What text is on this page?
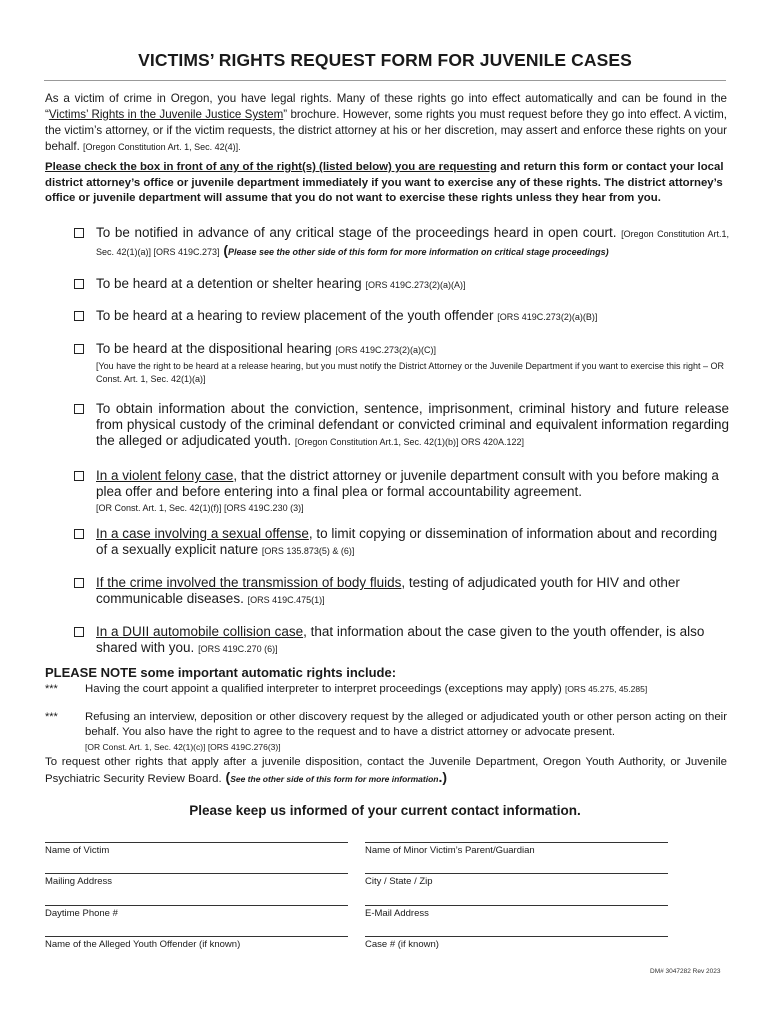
VICTIMS’ RIGHTS REQUEST FORM FOR JUVENILE CASES
As a victim of crime in Oregon, you have legal rights. Many of these rights go into effect automatically and can be found in the “Victims’ Rights in the Juvenile Justice System” brochure. However, some rights you must request before they go into effect. A victim, the victim’s attorney, or if the victim requests, the district attorney at his or her discretion, may assert and enforce these rights on your behalf. [Oregon Constitution Art. 1, Sec. 42(4)].
Please check the box in front of any of the right(s) (listed below) you are requesting and return this form or contact your local district attorney’s office or juvenile department immediately if you want to exercise any of these rights. The district attorney’s office or juvenile department will assume that you do not want to exercise these rights unless they hear from you.
To be notified in advance of any critical stage of the proceedings heard in open court. [Oregon Constitution Art.1, Sec. 42(1)(a)] [ORS 419C.273] (Please see the other side of this form for more information on critical stage proceedings)
To be heard at a detention or shelter hearing [ORS 419C.273(2)(a)(A)]
To be heard at a hearing to review placement of the youth offender [ORS 419C.273(2)(a)(B)]
To be heard at the dispositional hearing [ORS 419C.273(2)(a)(C)]
[You have the right to be heard at a release hearing, but you must notify the District Attorney or the Juvenile Department if you want to exercise this right – OR Const. Art. 1, Sec. 42(1)(a)]
To obtain information about the conviction, sentence, imprisonment, criminal history and future release from physical custody of the criminal defendant or convicted criminal and equivalent information regarding the alleged or adjudicated youth. [Oregon Constitution Art.1, Sec. 42(1)(b)] ORS 420A.122]
In a violent felony case, that the district attorney or juvenile department consult with you before making a plea offer and before entering into a final plea or formal accountability agreement.
[OR Const. Art. 1, Sec. 42(1)(f)] [ORS 419C.230 (3)]
In a case involving a sexual offense, to limit copying or dissemination of information about and recording of a sexually explicit nature [ORS 135.873(5) & (6)]
If the crime involved the transmission of body fluids, testing of adjudicated youth for HIV and other communicable diseases. [ORS 419C.475(1)]
In a DUII automobile collision case, that information about the case given to the youth offender, is also shared with you. [ORS 419C.270 (6)]
PLEASE NOTE some important automatic rights include:
*** Having the court appoint a qualified interpreter to interpret proceedings (exceptions may apply) [ORS 45.275, 45.285]
*** Refusing an interview, deposition or other discovery request by the alleged or adjudicated youth or other person acting on their behalf. You also have the right to agree to the request and to have a district attorney or advocate present.
[OR Const. Art. 1, Sec. 42(1)(c)] [ORS 419C.276(3)]
To request other rights that apply after a juvenile disposition, contact the Juvenile Department, Oregon Youth Authority, or Juvenile Psychiatric Security Review Board. (See the other side of this form for more information.)
Please keep us informed of your current contact information.
Name of Victim	Name of Minor Victim’s Parent/Guardian
Mailing Address	City / State / Zip
Daytime Phone #	E-Mail Address
Name of the Alleged Youth Offender (if known)	Case # (if known)
DM# 3047282 Rev 2023
